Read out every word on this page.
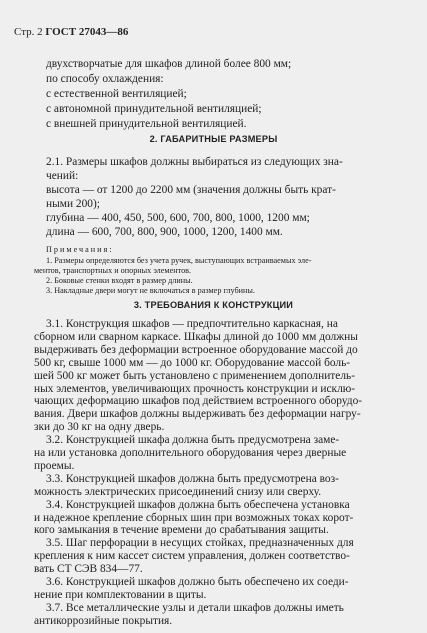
Стр. 2 ГОСТ 27043—86
двухстворчатые для шкафов длиной более 800 мм;
по способу охлаждения:
с естественной вентиляцией;
с автономной принудительной вентиляцией;
с внешней принудительной вентиляцией.
2. ГАБАРИТНЫЕ РАЗМЕРЫ
2.1. Размеры шкафов должны выбираться из следующих зна-
чений:
высота — от 1200 до 2200 мм (значения должны быть крат-
ными 200);
глубина — 400, 450, 500, 600, 700, 800, 1000, 1200 мм;
длина — 600, 700, 800, 900, 1000, 1200, 1400 мм.
Примечания:
1. Размеры определяются без учета ручек, выступающих встраиваемых эле-
ментов, транспортных и опорных элементов.
2. Боковые стенки входят в размер длины.
3. Накладные двери могут не включаться в размер глубины.
3. ТРЕБОВАНИЯ К КОНСТРУКЦИИ
3.1. Конструкция шкафов — предпочтительно каркасная, на
сборном или сварном каркасе. Шкафы длиной до 1000 мм должны
выдерживать без деформации встроенное оборудование массой до
500 кг, свыше 1000 мм — до 1000 кг. Оборудование массой боль-
шей 500 кг может быть установлено с применением дополнитель-
ных элементов, увеличивающих прочность конструкции и исклю-
чающих деформацию шкафов под действием встроенного оборудо-
вания. Двери шкафов должны выдерживать без деформации нагру-
зки до 30 кг на одну дверь.
3.2. Конструкцией шкафа должна быть предусмотрена заме-
на или установка дополнительного оборудования через дверные
проемы.
3.3. Конструкцией шкафов должна быть предусмотрена воз-
можность электрических присоединений снизу или сверху.
3.4. Конструкцией шкафов должна быть обеспечена установка
и надежное крепление сборных шин при возможных токах корот-
кого замыкания в течение времени до срабатывания защиты.
3.5. Шаг перфорации в несущих стойках, предназначенных для
крепления к ним кассет систем управления, должен соответство-
вать СТ СЭВ 834—77.
3.6. Конструкцией шкафов должно быть обеспечено их соеди-
нение при комплектовании в щиты.
3.7. Все металлические узлы и детали шкафов должны иметь
антикоррозийные покрытия.
